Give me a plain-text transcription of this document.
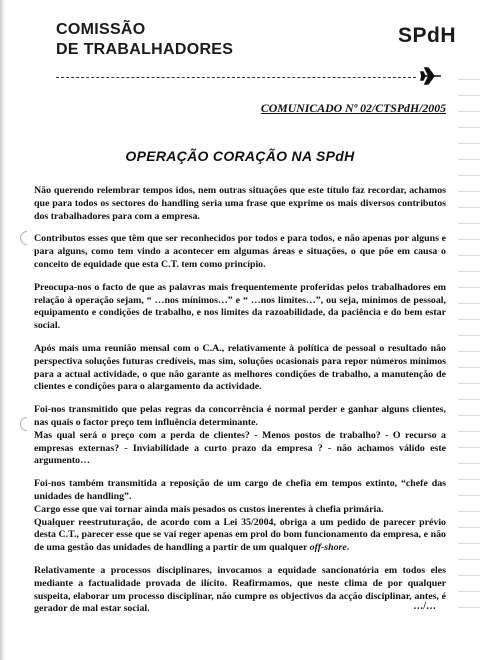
COMISSÃO
DE TRABALHADORES
SPdH
COMUNICADO Nº 02/CTSPdH/2005
OPERAÇÃO CORAÇÃO NA SPdH

Não querendo relembrar tempos idos, nem outras situações que este título faz recordar, achamos que para todos os sectores do handling seria uma frase que exprime os mais diversos contributos dos trabalhadores para com a empresa.

Contributos esses que têm que ser reconhecidos por todos e para todos, e não apenas por alguns e para alguns, como tem vindo a acontecer em algumas áreas e situações, o que põe em causa o conceito de equidade que esta C.T. tem como princípio.

Preocupa-nos o facto de que as palavras mais frequentemente proferidas pelos trabalhadores em relação à operação sejam, “ …nos mínimos…” e “ …nos limites…”, ou seja, mínimos de pessoal, equipamento e condições de trabalho, e nos limites da razoabilidade, da paciência e do bem estar social.

Após mais uma reunião mensal com o C.A., relativamente à política de pessoal o resultado não perspectiva soluções futuras credíveis, mas sim, soluções ocasionais para repor números mínimos para a actual actividade, o que não garante as melhores condições de trabalho, a manutenção de clientes e condições para o alargamento da actividade.

Foi-nos transmitido que pelas regras da concorrência é normal perder e ganhar alguns clientes, nas quais o factor preço tem influência determinante.

Mas qual será o preço com a perda de clientes? - Menos postos de trabalho? - O recurso a empresas externas? - Inviabilidade a curto prazo da empresa ? - não achamos válido este argumento…

Foi-nos também transmitida a reposição de um cargo de chefia em tempos extinto, “chefe das unidades de handling”.

Cargo esse que vai tornar ainda mais pesados os custos inerentes à chefia primária.

Qualquer reestruturação, de acordo com a Lei 35/2004, obriga a um pedido de parecer prévio desta C.T., parecer esse que se vai reger apenas em prol do bom funcionamento da empresa, e não de uma gestão das unidades de handling a partir de um qualquer off-shore.

Relativamente a processos disciplinares, invocamos a equidade sancionatória em todos eles mediante a factualidade provada de ilícito. Reafirmamos, que neste clima de por qualquer suspeita, elaborar um processo disciplinar, não cumpre os objectivos da acção disciplinar, antes, é gerador de mal estar social.	…/…
